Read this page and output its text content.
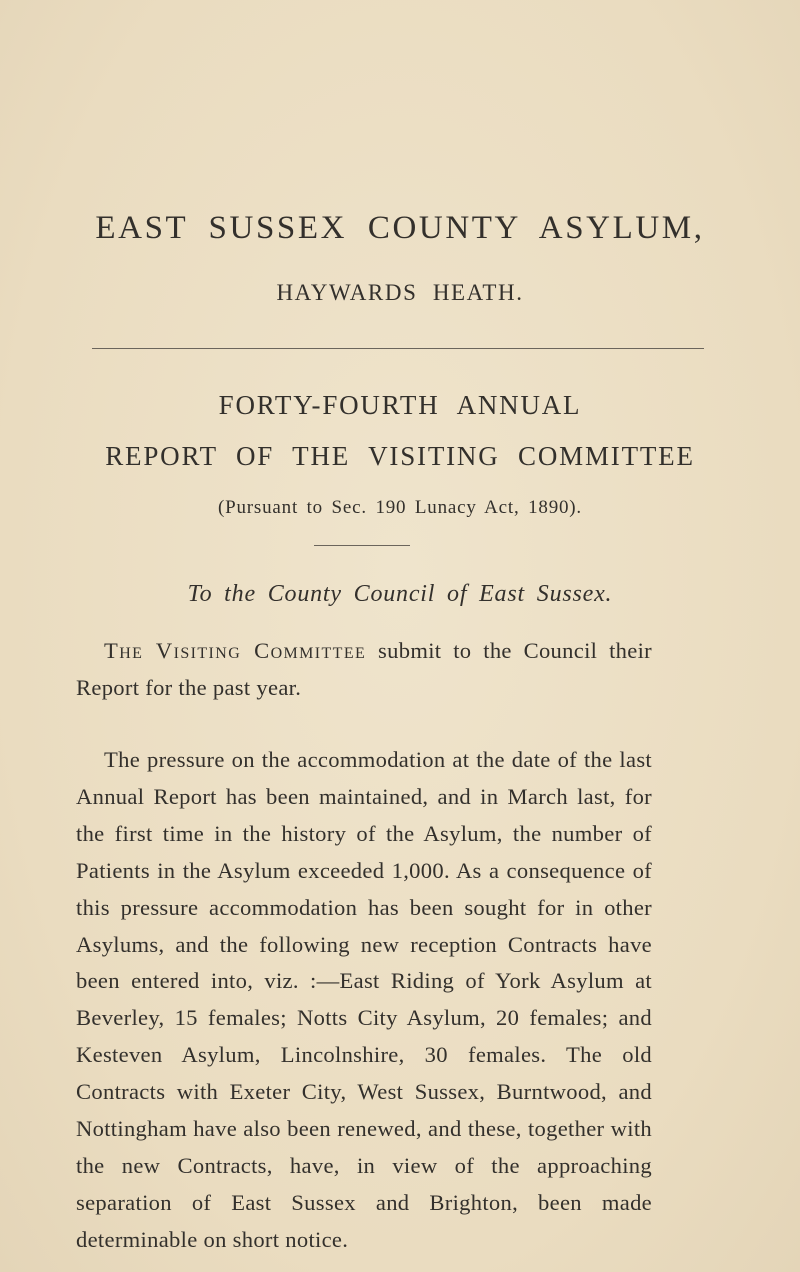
EAST SUSSEX COUNTY ASYLUM,
HAYWARDS HEATH.
FORTY-FOURTH ANNUAL
REPORT OF THE VISITING COMMITTEE
(Pursuant to Sec. 190 Lunacy Act, 1890).
To the County Council of East Sussex.
The Visiting Committee submit to the Council their Report for the past year.
The pressure on the accommodation at the date of the last Annual Report has been maintained, and in March last, for the first time in the history of the Asylum, the number of Patients in the Asylum exceeded 1,000. As a consequence of this pressure accommodation has been sought for in other Asylums, and the following new reception Contracts have been entered into, viz. :—East Riding of York Asylum at Beverley, 15 females; Notts City Asylum, 20 females; and Kesteven Asylum, Lincolnshire, 30 females. The old Contracts with Exeter City, West Sussex, Burntwood, and Nottingham have also been renewed, and these, together with the new Contracts, have, in view of the approaching separation of East Sussex and Brighton, been made determinable on short notice.
